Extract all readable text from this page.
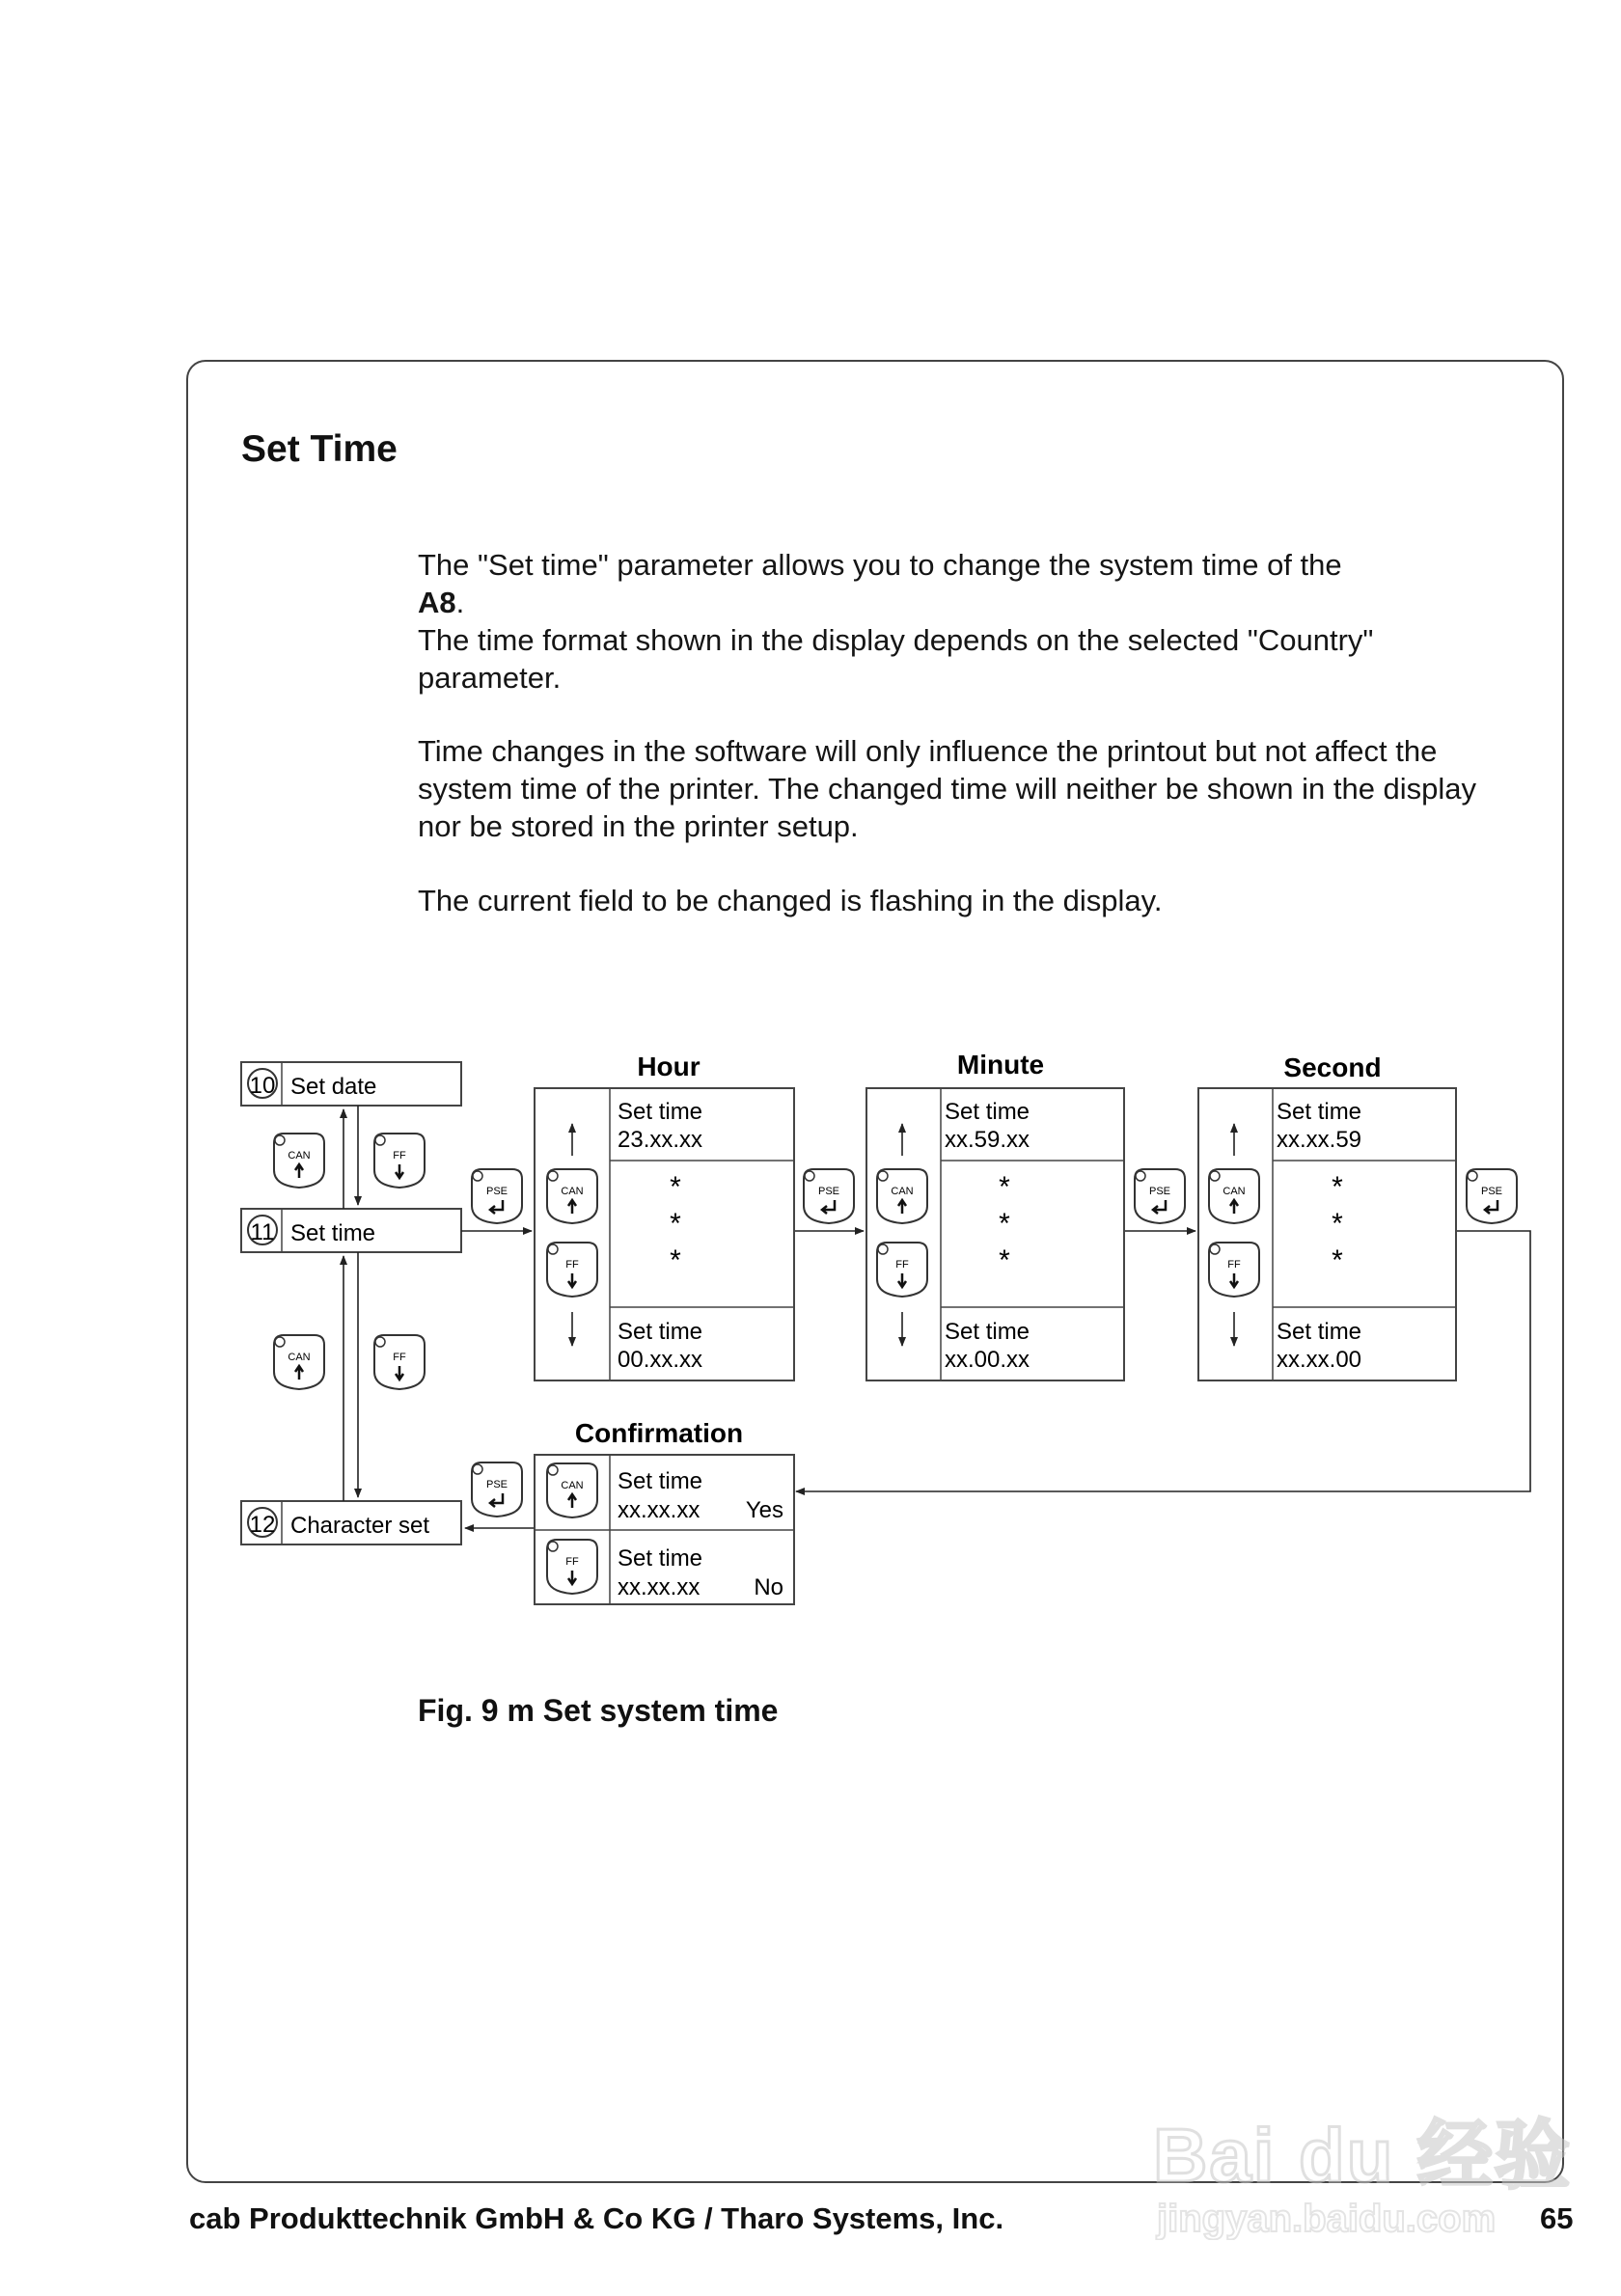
Set Time

The "Set time" parameter allows you to change the system time of the
A8.
The time format shown in the display depends on the selected "Country" parameter.

Time changes in the software will only influence the printout but not affect the system time of the printer. The changed time will neither be shown in the display nor be stored in the printer setup.
The current field to be changed is flashing in the display.
10 Set date
11 Set time
12 Character set
CAN	FF
CAN	FF
PSE	PSE	PSE	PSE
PSE
Hour
Set time
23.xx.xx
*
*
*
Set time
00.xx.xx
CAN
FF
Minute
Set time
xx.59.xx
*
*
*
Set time
xx.00.xx
CAN
FF
Second
Set time
xx.xx.59
*
*
*
Set time
xx.xx.00
CAN
FF
Confirmation
Set time
xx.xx.xx Yes
Set time
xx.xx.xx No
CAN
FF
Fig. 9 m Set system time
Bai du 经验
jingyan.baidu.com
cab Produkttechnik GmbH & Co KG / Tharo Systems, Inc.	65
